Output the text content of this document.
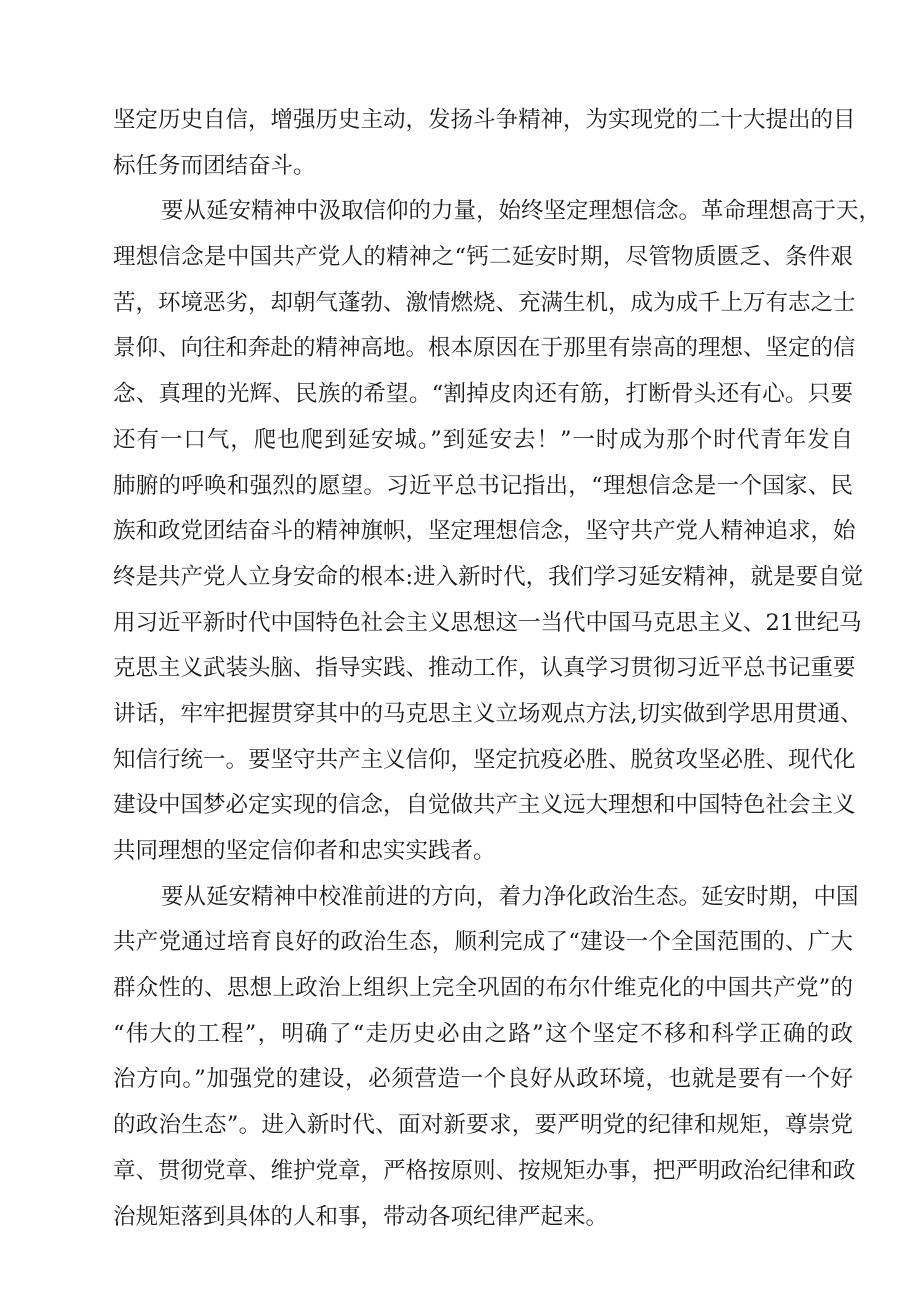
坚定历史自信，增强历史主动，发扬斗争精神，为实现党的二十大提出的目
标任务而团结奋斗。
要从延安精神中汲取信仰的力量，始终坚定理想信念。革命理想高于天，
理想信念是中国共产党人的精神之“钙二延安时期，尽管物质匮乏、条件艰
苦，环境恶劣，却朝气蓬勃、激情燃烧、充满生机，成为成千上万有志之士
景仰、向往和奔赴的精神高地。根本原因在于那里有崇高的理想、坚定的信
念、真理的光辉、民族的希望。“割掉皮肉还有筋，打断骨头还有心。只要
还有一口气，爬也爬到延安城。”到延安去！”一时成为那个时代青年发自
肺腑的呼唤和强烈的愿望。习近平总书记指出，“理想信念是一个国家、民
族和政党团结奋斗的精神旗帜，坚定理想信念，坚守共产党人精神追求，始
终是共产党人立身安命的根本:进入新时代，我们学习延安精神，就是要自觉
用习近平新时代中国特色社会主义思想这一当代中国马克思主义、21世纪马
克思主义武装头脑、指导实践、推动工作，认真学习贯彻习近平总书记重要
讲话，牢牢把握贯穿其中的马克思主义立场观点方法,切实做到学思用贯通、
知信行统一。要坚守共产主义信仰，坚定抗疫必胜、脱贫攻坚必胜、现代化
建设中国梦必定实现的信念，自觉做共产主义远大理想和中国特色社会主义
共同理想的坚定信仰者和忠实实践者。
要从延安精神中校准前进的方向，着力净化政治生态。延安时期，中国
共产党通过培育良好的政治生态，顺利完成了“建设一个全国范围的、广大
群众性的、思想上政治上组织上完全巩固的布尔什维克化的中国共产党”的
“伟大的工程”，明确了“走历史必由之路”这个坚定不移和科学正确的政
治方向。”加强党的建设，必须营造一个良好从政环境，也就是要有一个好
的政治生态”。进入新时代、面对新要求，要严明党的纪律和规矩，尊崇党
章、贯彻党章、维护党章，严格按原则、按规矩办事，把严明政治纪律和政
治规矩落到具体的人和事，带动各项纪律严起来。
